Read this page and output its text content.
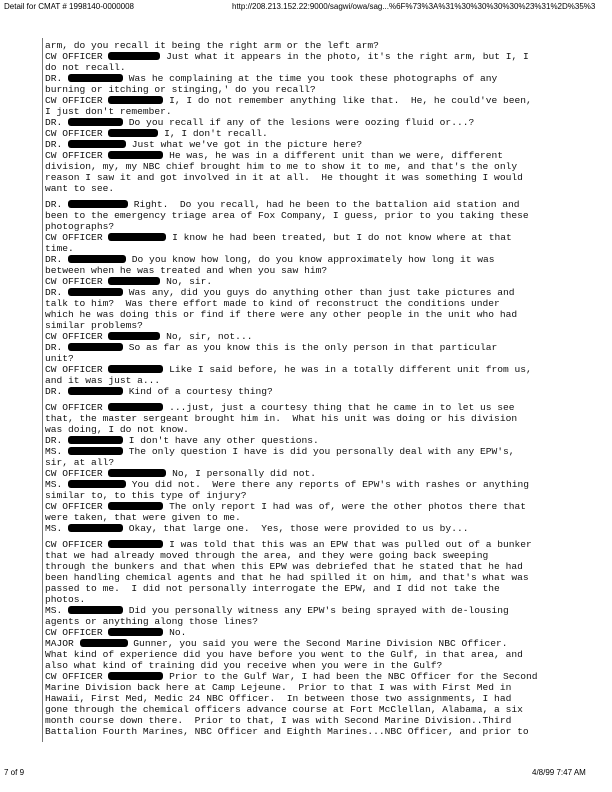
Detail for CMAT # 1998140-0000008	http://208.213.152.22:9000/sagwi/owa/sag...%6F%73%3A%31%30%30%30%30%23%31%2D%35%3
arm, do you recall it being the right arm or the left arm?
CW OFFICER	Just what it appears in the photo, it's the right arm, but I, I
do not recall.
DR.	Was he complaining at the time you took these photographs of any
burning or itching or stinging,' do you recall?
CW OFFICER	I, I do not remember anything like that.  He, he could've been,
I just don't remember.
DR.	Do you recall if any of the lesions were oozing fluid or...?
CW OFFICER	I, I don't recall.
DR.	Just what we've got in the picture here?
CW OFFICER	He was, he was in a different unit than we were, different
division, my, my NBC chief brought him to me to show it to me, and that's the only
reason I saw it and got involved in it at all.  He thought it was something I would
want to see.
DR.	Right.  Do you recall, had he been to the battalion aid station and
been to the emergency triage area of Fox Company, I guess, prior to you taking these
photographs?
CW OFFICER	I know he had been treated, but I do not know where at that
time.
DR.	Do you know how long, do you know approximately how long it was
between when he was treated and when you saw him?
CW OFFICER	No, sir.
DR.	Was any, did you guys do anything other than just take pictures and
talk to him?  Was there effort made to kind of reconstruct the conditions under
which he was doing this or find if there were any other people in the unit who had
similar problems?
CW OFFICER	No, sir, not...
DR.	So as far as you know this is the only person in that particular
unit?
CW OFFICER	Like I said before, he was in a totally different unit from us,
and it was just a...
DR.	Kind of a courtesy thing?
CW OFFICER	...just, just a courtesy thing that he came in to let us see
that, the master sergeant brought him in.  What his unit was doing or his division
was doing, I do not know.
DR.	I don't have any other questions.
MS.	The only question I have is did you personally deal with any EPW's,
sir, at all?
CW OFFICER	No, I personally did not.
MS.	You did not.  Were there any reports of EPW's with rashes or anything
similar to, to this type of injury?
CW OFFICER	The only report I had was of, were the other photos there that
were taken, that were given to me.
MS.	Okay, that large one.  Yes, those were provided to us by...
CW OFFICER	I was told that this was an EPW that was pulled out of a bunker
that we had already moved through the area, and they were going back sweeping
through the bunkers and that when this EPW was debriefed that he stated that he had
been handling chemical agents and that he had spilled it on him, and that's what was
passed to me.  I did not personally interrogate the EPW, and I did not take the
photos.
MS.	Did you personally witness any EPW's being sprayed with de-lousing
agents or anything along those lines?
CW OFFICER	No.
MAJOR	Gunner, you said you were the Second Marine Division NBC Officer.
What kind of experience did you have before you went to the Gulf, in that area, and
also what kind of training did you receive when you were in the Gulf?
CW OFFICER	Prior to the Gulf War, I had been the NBC Officer for the Second
Marine Division back here at Camp Lejeune.  Prior to that I was with First Med in
Hawaii, First Med, Medic 24 NBC Officer.  In between those two assignments, I had
gone through the chemical officers advance course at Fort McClellan, Alabama, a six
month course down there.  Prior to that, I was with Second Marine Division..Third
Battalion Fourth Marines, NBC Officer and Eighth Marines...NBC Officer, and prior to
7 of 9	4/8/99 7:47 AM
